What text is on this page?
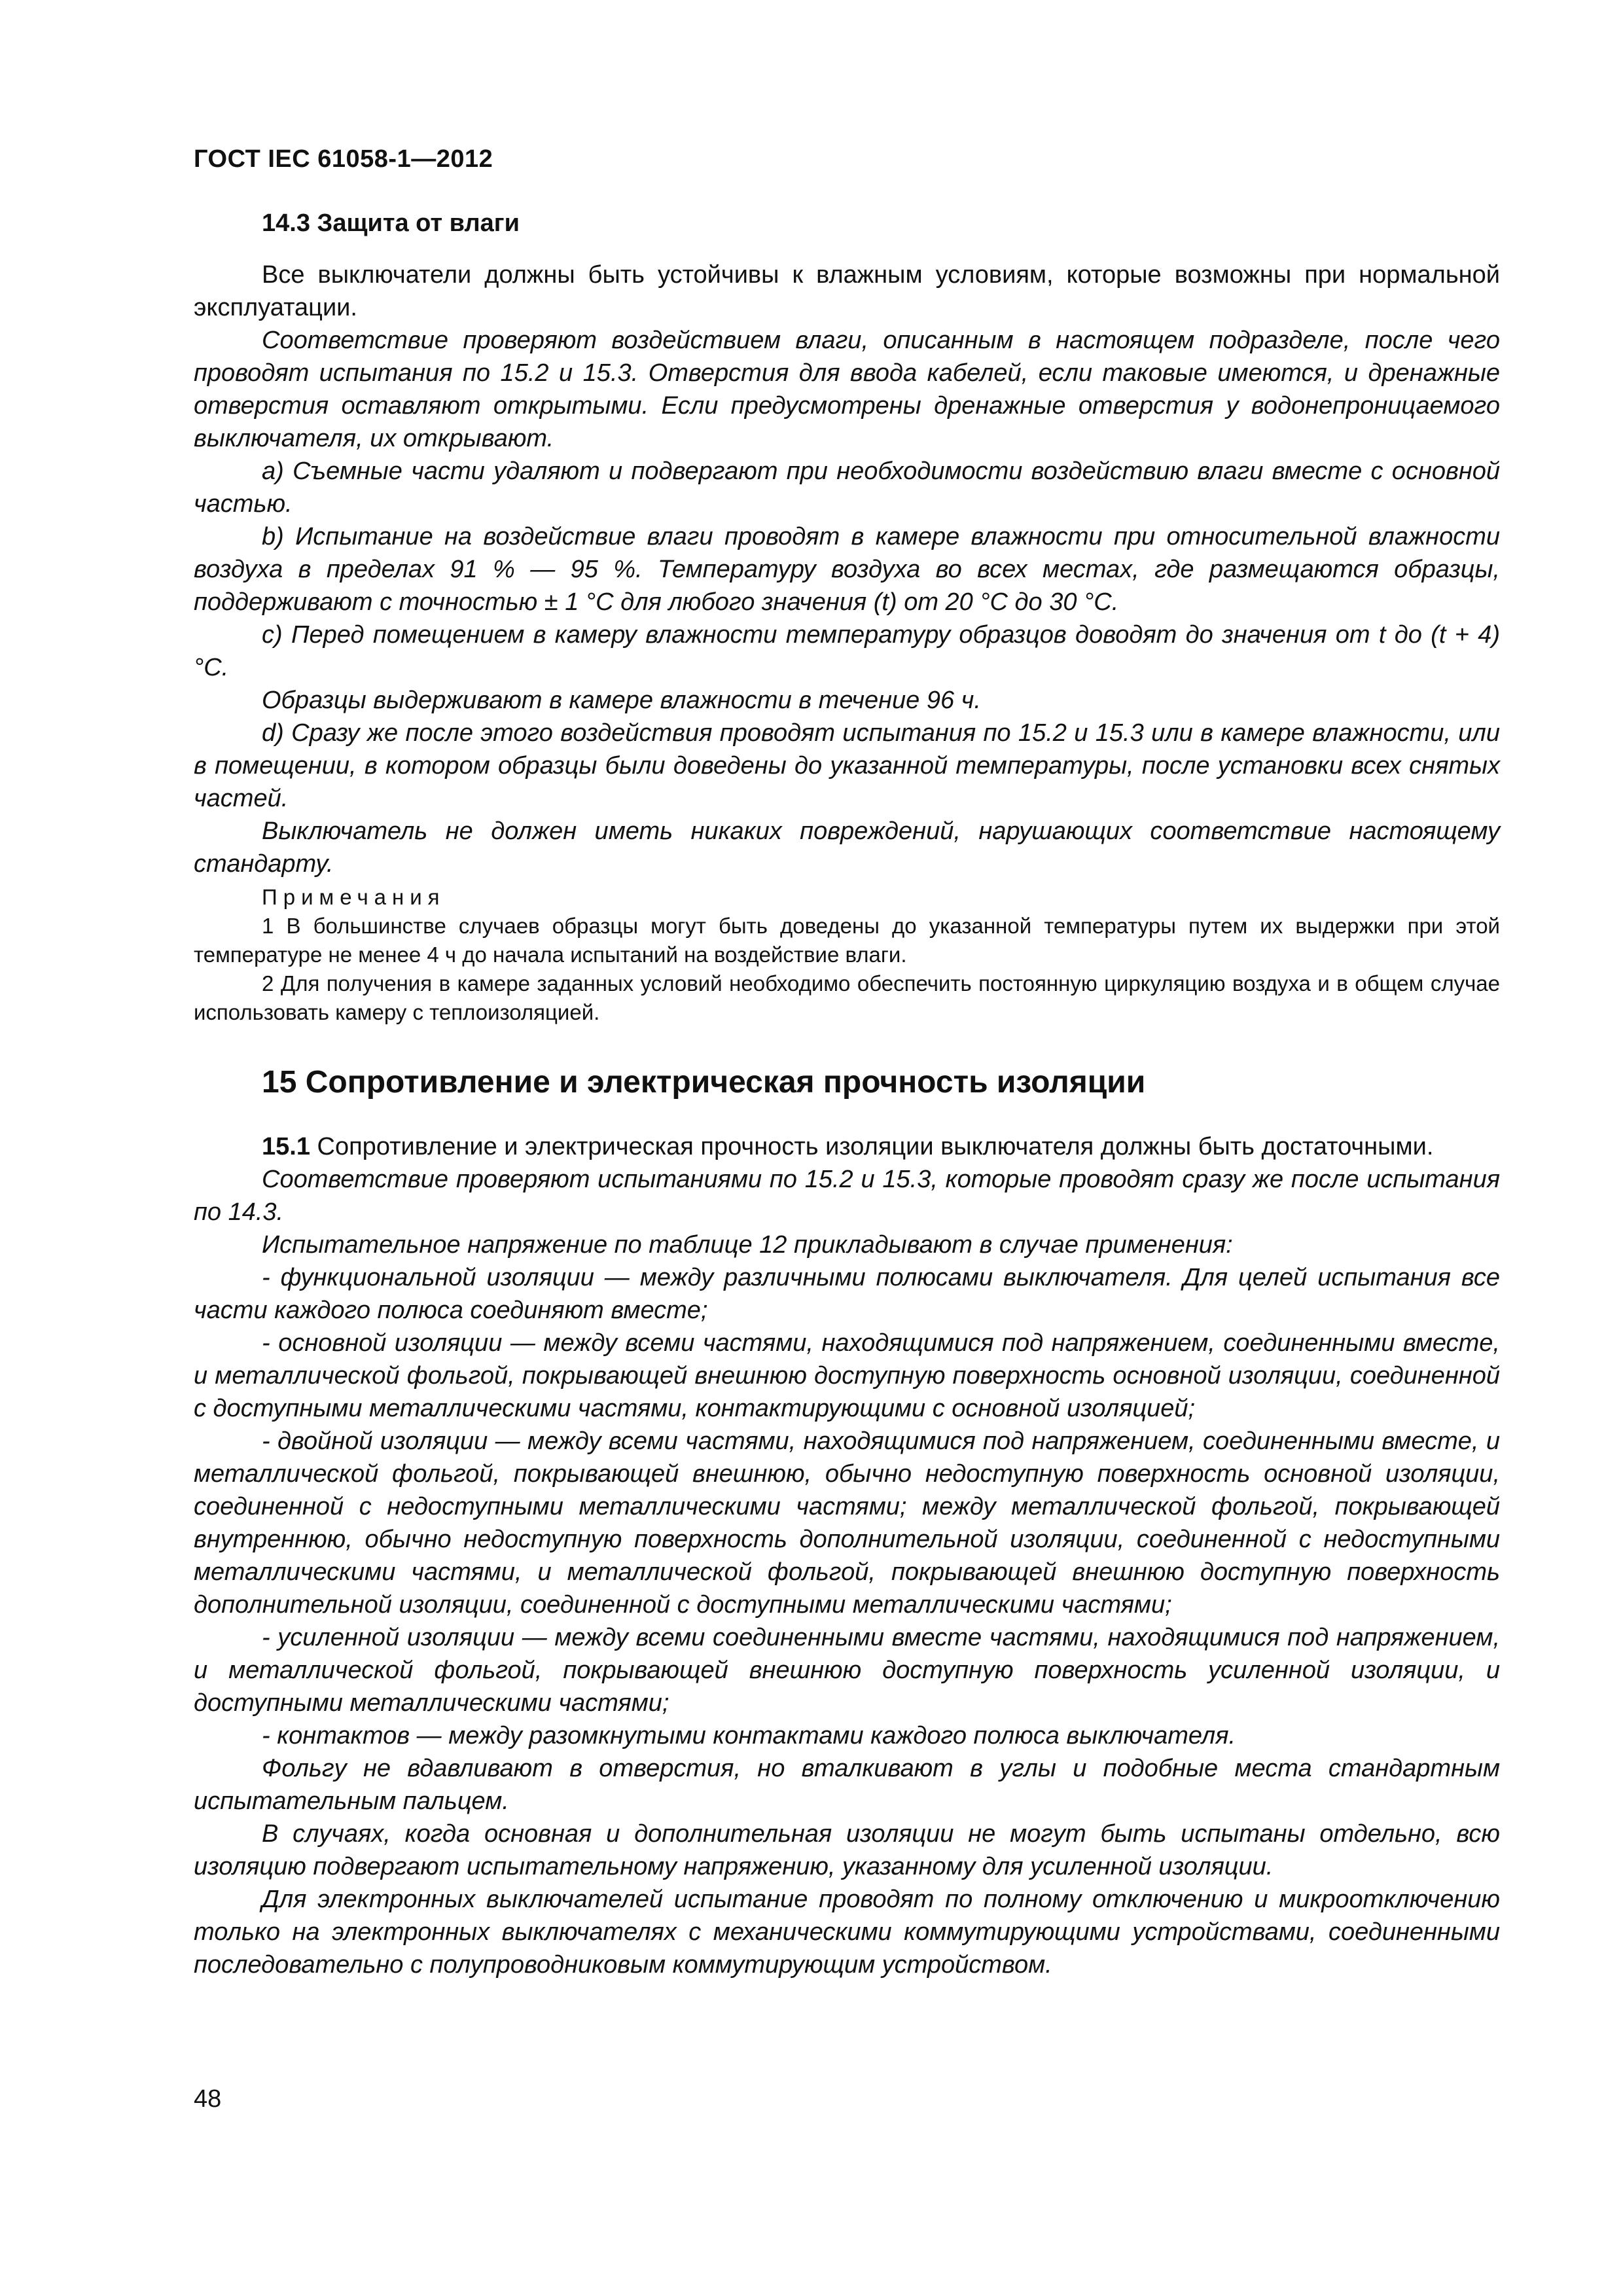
ГОСТ IEC 61058-1—2012
14.3 Защита от влаги

Все выключатели должны быть устойчивы к влажным условиям, которые возможны при нормальной эксплуатации.

Соответствие проверяют воздействием влаги, описанным в настоящем подразделе, после чего проводят испытания по 15.2 и 15.3. Отверстия для ввода кабелей, если таковые имеются, и дренажные отверстия оставляют открытыми. Если предусмотрены дренажные отверстия у водонепроницаемого выключателя, их открывают.

а) Съемные части удаляют и подвергают при необходимости воздействию влаги вместе с основной частью.

b) Испытание на воздействие влаги проводят в камере влажности при относительной влажности воздуха в пределах 91 % — 95 %. Температуру воздуха во всех местах, где размещаются образцы, поддерживают с точностью ± 1 °С для любого значения (t) от 20 °С до 30 °С.

с) Перед помещением в камеру влажности температуру образцов доводят до значения от t до (t + 4) °С.

Образцы выдерживают в камере влажности в течение 96 ч.

d) Сразу же после этого воздействия проводят испытания по 15.2 и 15.3 или в камере влажности, или в помещении, в котором образцы были доведены до указанной температуры, после установки всех снятых частей.

Выключатель не должен иметь никаких повреждений, нарушающих соответствие настоящему стандарту.

Примечания

1 В большинстве случаев образцы могут быть доведены до указанной температуры путем их выдержки при этой температуре не менее 4 ч до начала испытаний на воздействие влаги.

2 Для получения в камере заданных условий необходимо обеспечить постоянную циркуляцию воздуха и в общем случае использовать камеру с теплоизоляцией.

15 Сопротивление и электрическая прочность изоляции

15.1 Сопротивление и электрическая прочность изоляции выключателя должны быть достаточными.

Соответствие проверяют испытаниями по 15.2 и 15.3, которые проводят сразу же после испытания по 14.3.

Испытательное напряжение по таблице 12 прикладывают в случае применения:

- функциональной изоляции — между различными полюсами выключателя. Для целей испытания все части каждого полюса соединяют вместе;

- основной изоляции — между всеми частями, находящимися под напряжением, соединенными вместе, и металлической фольгой, покрывающей внешнюю доступную поверхность основной изоляции, соединенной с доступными металлическими частями, контактирующими с основной изоляцией;

- двойной изоляции — между всеми частями, находящимися под напряжением, соединенными вместе, и металлической фольгой, покрывающей внешнюю, обычно недоступную поверхность основной изоляции, соединенной с недоступными металлическими частями; между металлической фольгой, покрывающей внутреннюю, обычно недоступную поверхность дополнительной изоляции, соединенной с недоступными металлическими частями, и металлической фольгой, покрывающей внешнюю доступную поверхность дополнительной изоляции, соединенной с доступными металлическими частями;

- усиленной изоляции — между всеми соединенными вместе частями, находящимися под напряжением, и металлической фольгой, покрывающей внешнюю доступную поверхность усиленной изоляции, и доступными металлическими частями;

- контактов — между разомкнутыми контактами каждого полюса выключателя.

Фольгу не вдавливают в отверстия, но вталкивают в углы и подобные места стандартным испытательным пальцем.

В случаях, когда основная и дополнительная изоляции не могут быть испытаны отдельно, всю изоляцию подвергают испытательному напряжению, указанному для усиленной изоляции.

Для электронных выключателей испытание проводят по полному отключению и микроотключению только на электронных выключателях с механическими коммутирующими устройствами, соединенными последовательно с полупроводниковым коммутирующим устройством.

48
